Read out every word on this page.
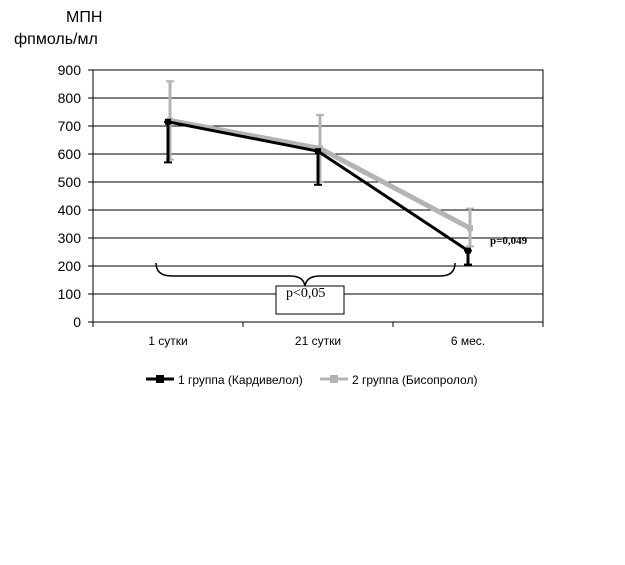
МПН
фпмоль/мл
0
100
200
300
400
500
600
700
800
900
1 сутки	21 сутки	6 мес.
p<0,05
p=0,049
1 группа (Кардивелол)	2 группа (Бисопролол)
